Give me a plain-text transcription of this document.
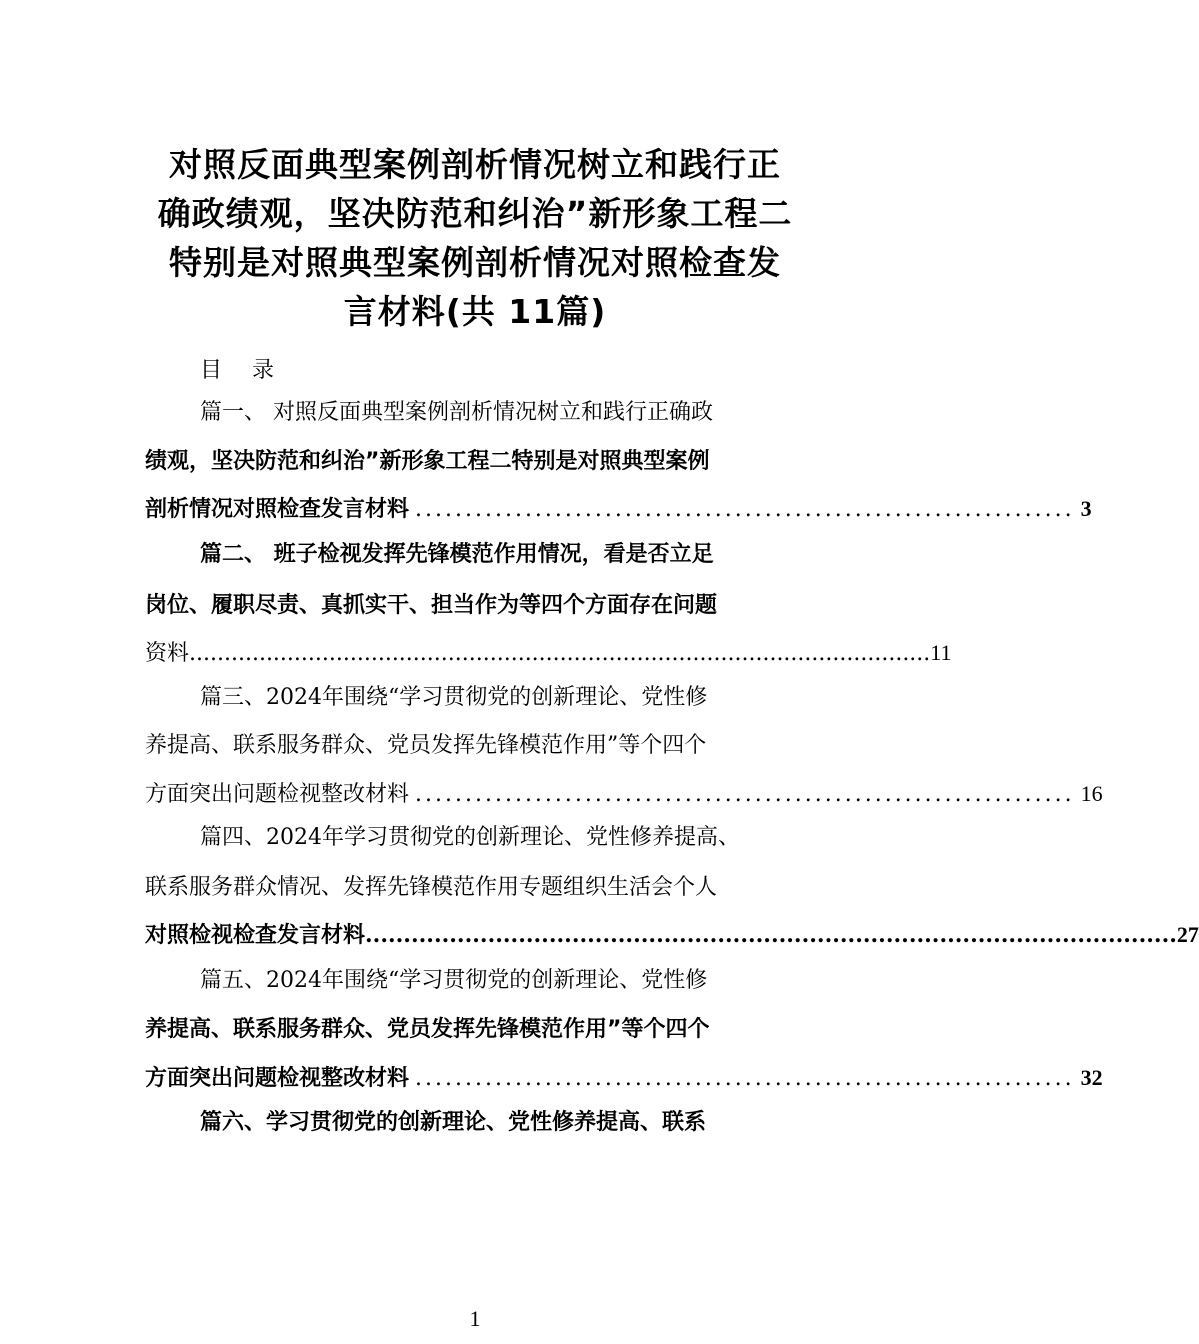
对照反面典型案例剖析情况树立和践行正
确政绩观，坚决防范和纠治”新形象工程二
特别是对照典型案例剖析情况对照检查发
言材料(共 11篇)
目 录
篇一、 对照反面典型案例剖析情况树立和践行正确政
绩观，坚决防范和纠治”新形象工程二特别是对照典型案例
剖析情况对照检查发言材料 .................................................................. 3
篇二、 班子检视发挥先锋模范作用情况，看是否立足
岗位、履职尽责、真抓实干、担当作为等四个方面存在问题
资料 .......................................................................................................... 11
篇三、2024年围绕“学习贯彻党的创新理论、党性修
养提高、联系服务群众、党员发挥先锋模范作用”等个四个
方面突出问题检视整改材料 .................................................................. 16
篇四、2024年学习贯彻党的创新理论、党性修养提高、
联系服务群众情况、发挥先锋模范作用专题组织生活会个人
对照检视检查发言材料 .......................................................................................................... 27
篇五、2024年围绕“学习贯彻党的创新理论、党性修
养提高、联系服务群众、党员发挥先锋模范作用”等个四个
方面突出问题检视整改材料 .................................................................. 32
篇六、学习贯彻党的创新理论、党性修养提高、联系
1
